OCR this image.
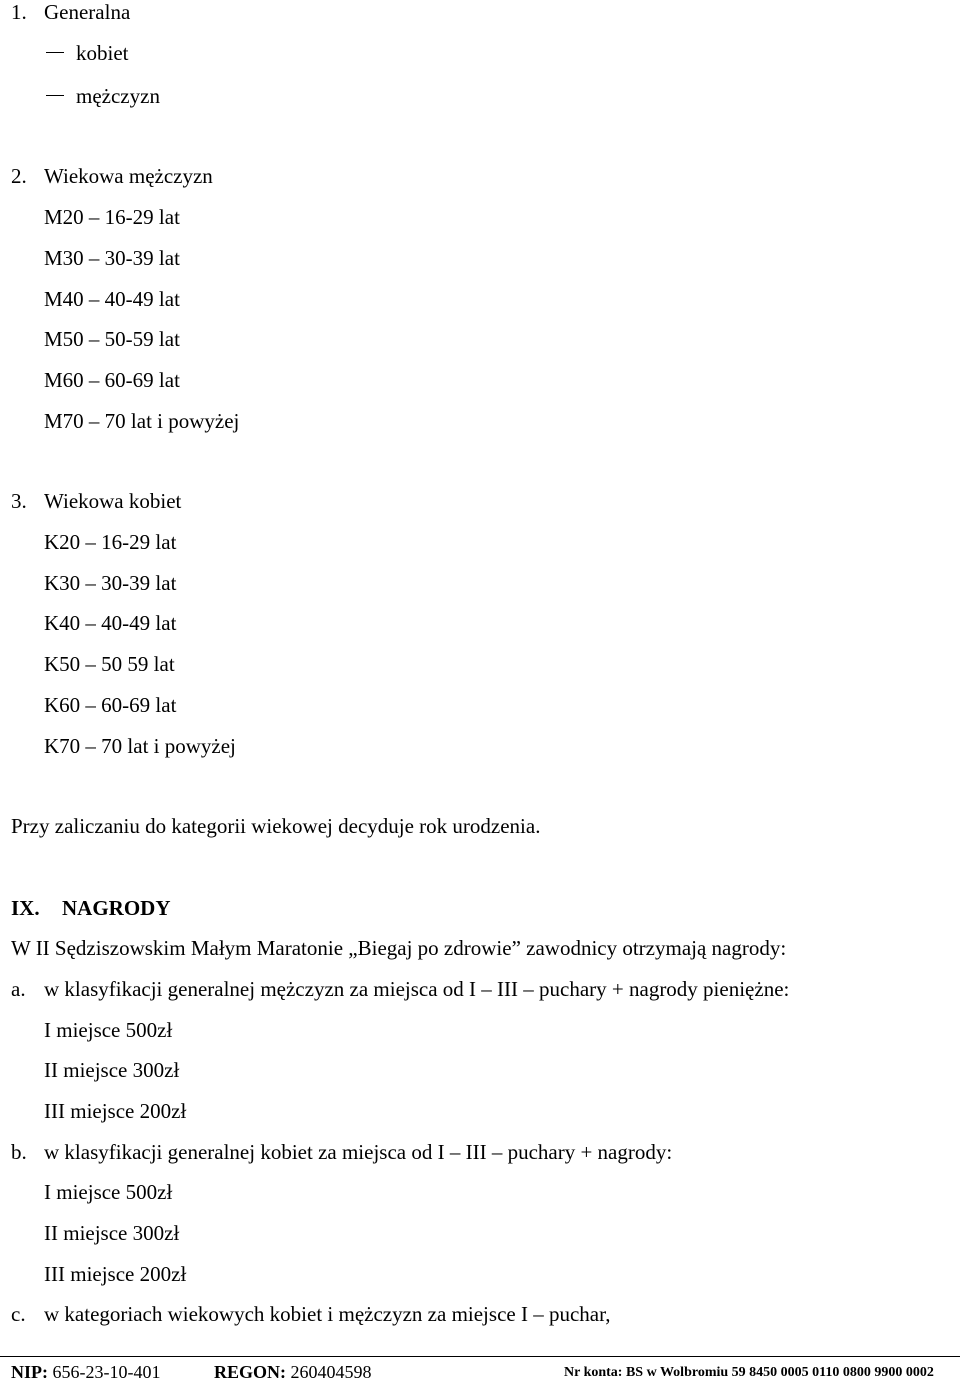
1. Generalna
kobiet
mężczyzn
2. Wiekowa mężczyzn
M20 – 16-29 lat
M30 – 30-39 lat
M40 – 40-49 lat
M50 – 50-59 lat
M60 – 60-69 lat
M70 – 70 lat i powyżej
3. Wiekowa kobiet
K20 – 16-29 lat
K30 – 30-39 lat
K40 – 40-49 lat
K50 – 50 59 lat
K60 – 60-69 lat
K70 – 70 lat i powyżej
Przy zaliczaniu do kategorii wiekowej decyduje rok urodzenia.
IX. NAGRODY
W II Sędziszowskim Małym Maratonie „Biegaj po zdrowie” zawodnicy otrzymają nagrody:
a. w klasyfikacji generalnej mężczyzn za miejsca od I – III – puchary + nagrody pieniężne:
I miejsce 500zł
II miejsce 300zł
III miejsce 200zł
b. w klasyfikacji generalnej kobiet za miejsca od I – III – puchary + nagrody:
I miejsce 500zł
II miejsce 300zł
III miejsce 200zł
c. w kategoriach wiekowych kobiet i mężczyzn za miejsce I – puchar,
NIP: 656-23-10-401	REGON: 260404598	Nr konta: BS w Wolbromiu 59 8450 0005 0110 0800 9900 0002
